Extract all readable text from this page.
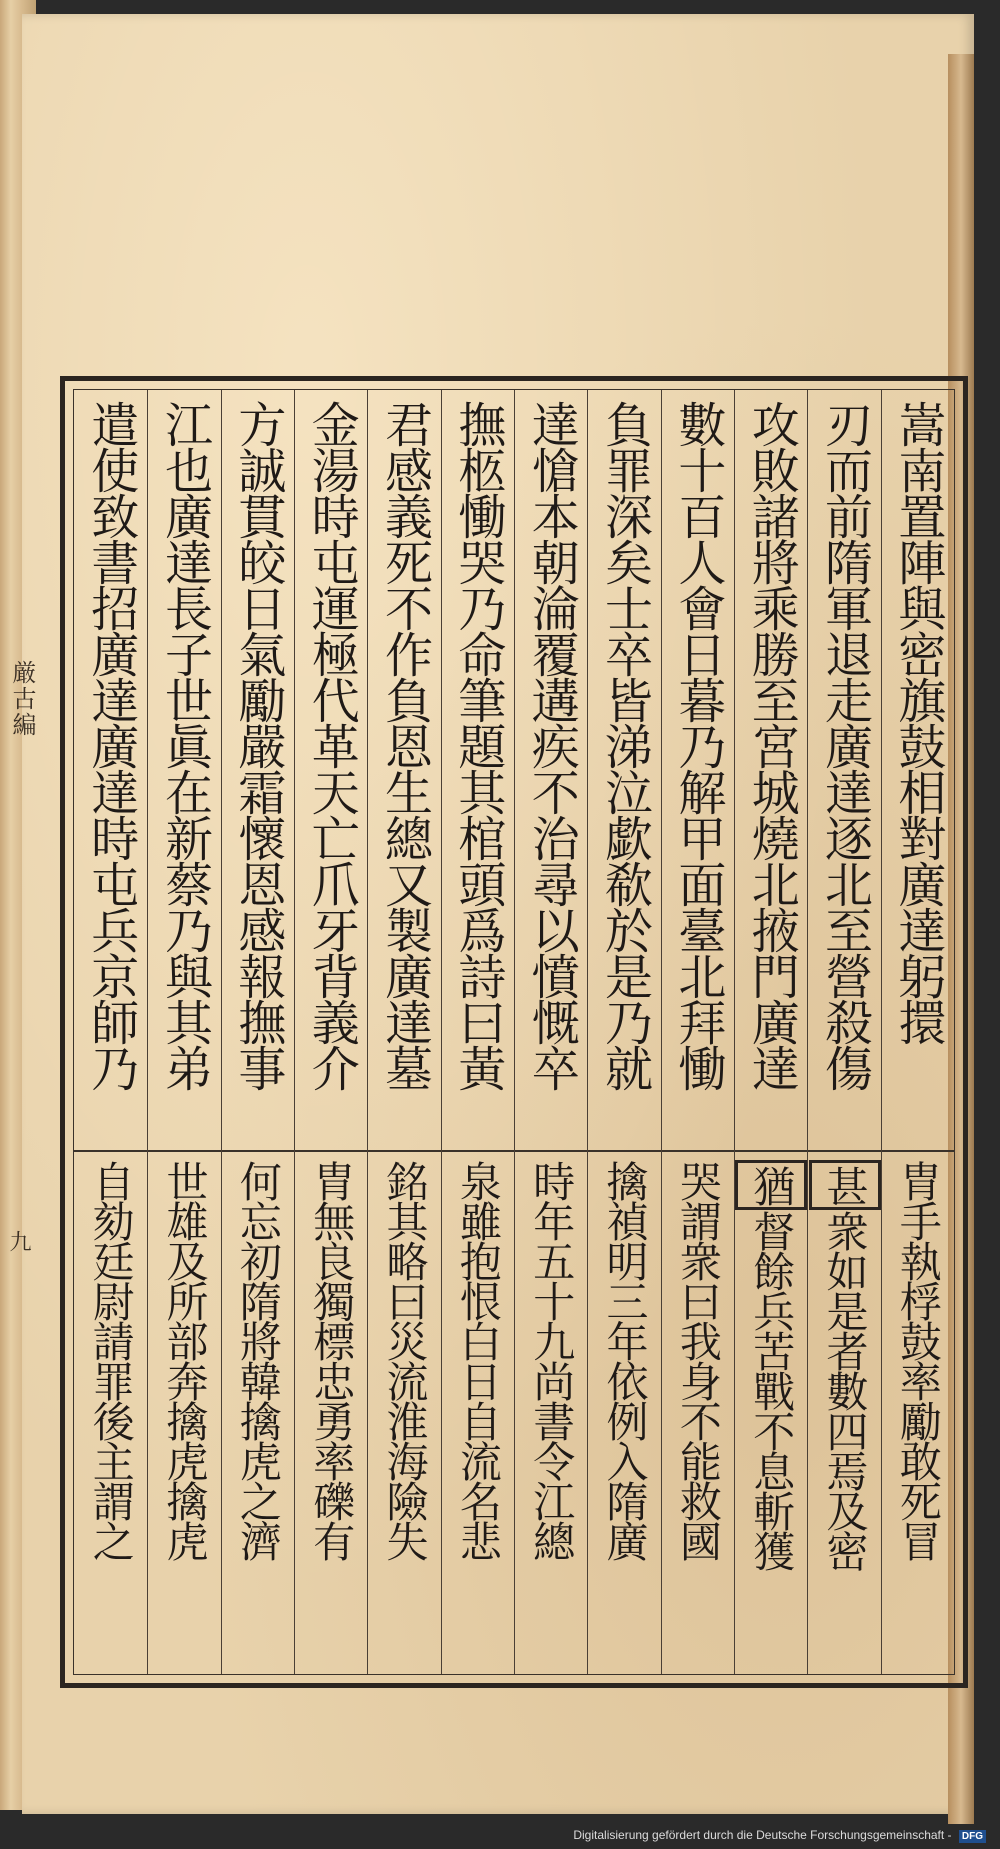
嵩南置陣與密旗鼓相對廣達躬擐
胄手執桴鼓率勵敢死冒
刃而前隋軍退走廣達逐北至營殺傷
甚
衆如是者數四焉及密
攻敗諸將乘勝至宮城燒北掖門廣達
猶
督餘兵苦戰不息斬獲
數十百人會日暮乃解甲面臺北拜慟
哭謂衆曰我身不能救國
負罪深矣士卒皆涕泣歔欷於是乃就
擒禎明三年依例入隋廣
達愴本朝淪覆遘疾不治尋以憤慨卒
時年五十九尚書令江總
撫柩慟哭乃命筆題其棺頭爲詩曰黃
泉雖抱恨白日自流名悲
君感義死不作負恩生總又製廣達墓
銘其略曰災流淮海險失
金湯時屯運極代革天亡爪牙背義介
胄無良獨標忠勇率礫有
方誠貫皎日氣勵嚴霜懷恩感報撫事
何忘初隋將韓擒虎之濟
江也廣達長子世眞在新蔡乃與其弟
世雄及所部奔擒虎擒虎
遣使致書招廣達廣達時屯兵京師乃
自劾廷尉請罪後主謂之
厳古編
九
Digitalisierung gefördert durch die Deutsche Forschungsgemeinschaft - DFG
